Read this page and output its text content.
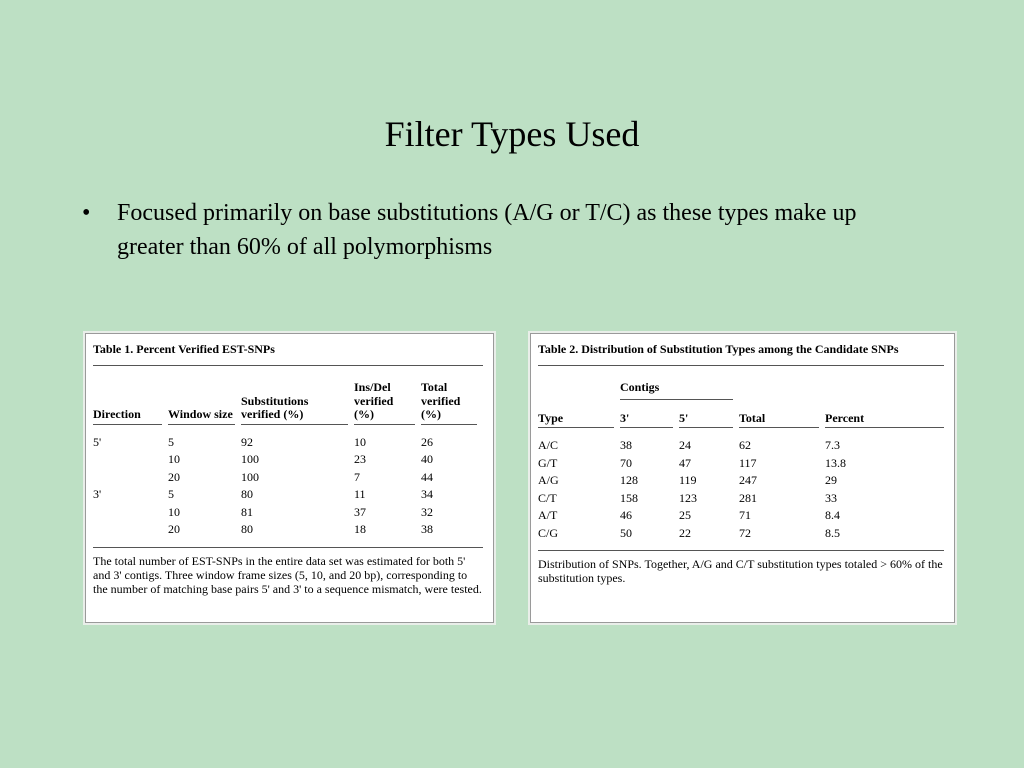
Filter Types Used
•	Focused primarily on base substitutions (A/G or T/C) as these types make up greater than 60% of all polymorphisms
Table 1. Percent Verified EST-SNPs

Direction	Window size	Substitutions verified (%)	Ins/Del verified (%)	Total verified (%)

5'	5	92	10	26
	10	100	23	40
	20	100	7	44
3'	5	80	11	34
	10	81	37	32
	20	80	18	38
The total number of EST-SNPs in the entire data set was estimated for both 5' and 3' contigs. Three window frame sizes (5, 10, and 20 bp), corresponding to the number of matching base pairs 5' and 3' to a sequence mismatch, were tested.
Table 2. Distribution of Substitution Types among the Candidate SNPs

	Contigs			

Type	3'	5'	Total	Percent

A/C	38	24	62	7.3
G/T	70	47	117	13.8
A/G	128	119	247	29
C/T	158	123	281	33
A/T	46	25	71	8.4
C/G	50	22	72	8.5
Distribution of SNPs. Together, A/G and C/T substitution types totaled > 60% of the substitution types.
